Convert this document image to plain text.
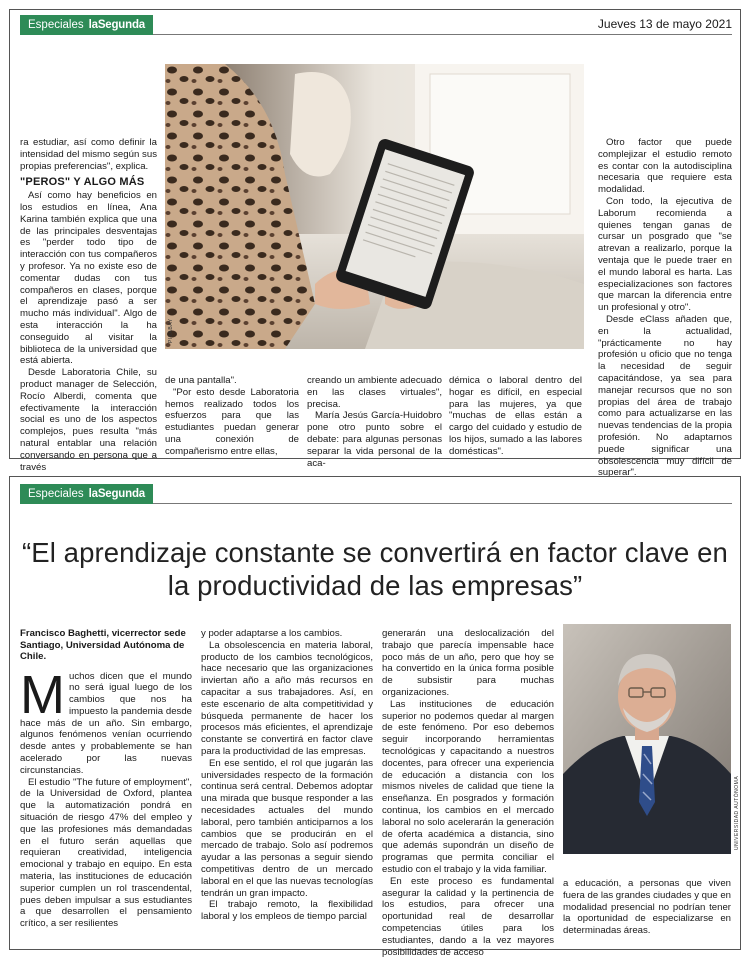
Especiales laSegunda	Jueves 13 de mayo 2021
PIXABAY

ra estudiar, así como definir la intensidad del mismo según sus propias preferencias", explica.

"PEROS" Y ALGO MÁS

Así como hay beneficios en los estudios en línea, Ana Karina también explica que una de las principales desventajas es "perder todo tipo de interacción con tus compañeros y profesor. Ya no existe eso de comentar dudas con tus compañeros en clases, porque el aprendizaje pasó a ser mucho más individual". Algo de esta interacción la ha conseguido al visitar la biblioteca de la universidad que está abierta.

Desde Laboratoria Chile, su product manager de Selección, Rocío Alberdi, comenta que efectivamente la interacción social es uno de los aspectos complejos, pues resulta "más natural entablar una relación conversando en persona que a través

de una pantalla".

"Por esto desde Laboratoria hemos realizado todos los esfuerzos para que las estudiantes puedan generar una conexión de compañerismo entre ellas,

creando un ambiente adecuado en las clases virtuales", precisa.

María Jesús García-Huidobro pone otro punto sobre el debate: para algunas personas separar la vida personal de la aca-

démica o laboral dentro del hogar es difícil, en especial para las mujeres, ya que "muchas de ellas están a cargo del cuidado y estudio de los hijos, sumado a las labores domésticas".

Otro factor que puede complejizar el estudio remoto es contar con la autodisciplina necesaria que requiere esta modalidad.

Con todo, la ejecutiva de Laborum recomienda a quienes tengan ganas de cursar un posgrado que "se atrevan a realizarlo, porque la ventaja que le puede traer en el mundo laboral es harta. Las especializaciones son factores que marcan la diferencia entre un profesional y otro".

Desde eClass añaden que, en la actualidad, "prácticamente no hay profesión u oficio que no tenga la necesidad de seguir capacitándose, ya sea para manejar recursos que no son propias del área de trabajo como para actualizarse en las nuevas tendencias de la propia profesión. No adaptarnos puede significar una obsolescencia muy difícil de superar".

Especiales laSegunda
“El aprendizaje constante se convertirá en factor clave en la productividad de las empresas”

Francisco Baghetti, vicerrector sede Santiago, Universidad Autónoma de Chile.

M uchos dicen que el mundo no será igual luego de los cambios que nos ha impuesto la pandemia desde hace más de un año. Sin embargo, algunos fenómenos venían ocurriendo desde antes y probablemente se han acelerado por las nuevas circunstancias.

El estudio "The future of employment", de la Universidad de Oxford, plantea que la automatización pondrá en situación de riesgo 47% del empleo y que las profesiones más demandadas en el futuro serán aquellas que requieran creatividad, inteligencia emocional y trabajo en equipo. En esta materia, las instituciones de educación superior cumplen un rol trascendental, pues deben impulsar a sus estudiantes a que desarrollen el pensamiento crítico, a ser resilientes

y poder adaptarse a los cambios.

La obsolescencia en materia laboral, producto de los cambios tecnológicos, hace necesario que las organizaciones inviertan año a año más recursos en capacitar a sus trabajadores. Así, en este escenario de alta competitividad y búsqueda permanente de hacer los procesos más eficientes, el aprendizaje constante se convertirá en factor clave para la productividad de las empresas.

En ese sentido, el rol que jugarán las universidades respecto de la formación continua será central. Debemos adoptar una mirada que busque responder a las necesidades actuales del mundo laboral, pero también anticiparnos a los cambios que se producirán en el mercado de trabajo. Solo así podremos ayudar a las personas a seguir siendo competitivas dentro de un mercado laboral en el que las nuevas tecnologías tendrán un gran impacto.

El trabajo remoto, la flexibilidad laboral y los empleos de tiempo parcial

generarán una deslocalización del trabajo que parecía impensable hace poco más de un año, pero que hoy se ha convertido en la única forma posible de subsistir para muchas organizaciones.

Las instituciones de educación superior no podemos quedar al margen de este fenómeno. Por eso debemos seguir incorporando herramientas tecnológicas y capacitando a nuestros docentes, para ofrecer una experiencia de educación a distancia con los mismos niveles de calidad que tiene la enseñanza. En posgrados y formación continua, los cambios en el mercado laboral no solo acelerarán la generación de oferta académica a distancia, sino que además supondrán un diseño de programas que permita conciliar el estudio con el trabajo y la vida familiar.

En este proceso es fundamental asegurar la calidad y la pertinencia de los estudios, para ofrecer una oportunidad real de desarrollar competencias útiles para los estudiantes, dando a la vez mayores posibilidades de acceso

UNIVERSIDAD AUTÓNOMA

a educación, a personas que viven fuera de las grandes ciudades y que en modalidad presencial no podrían tener la oportunidad de especializarse en determinadas áreas.
